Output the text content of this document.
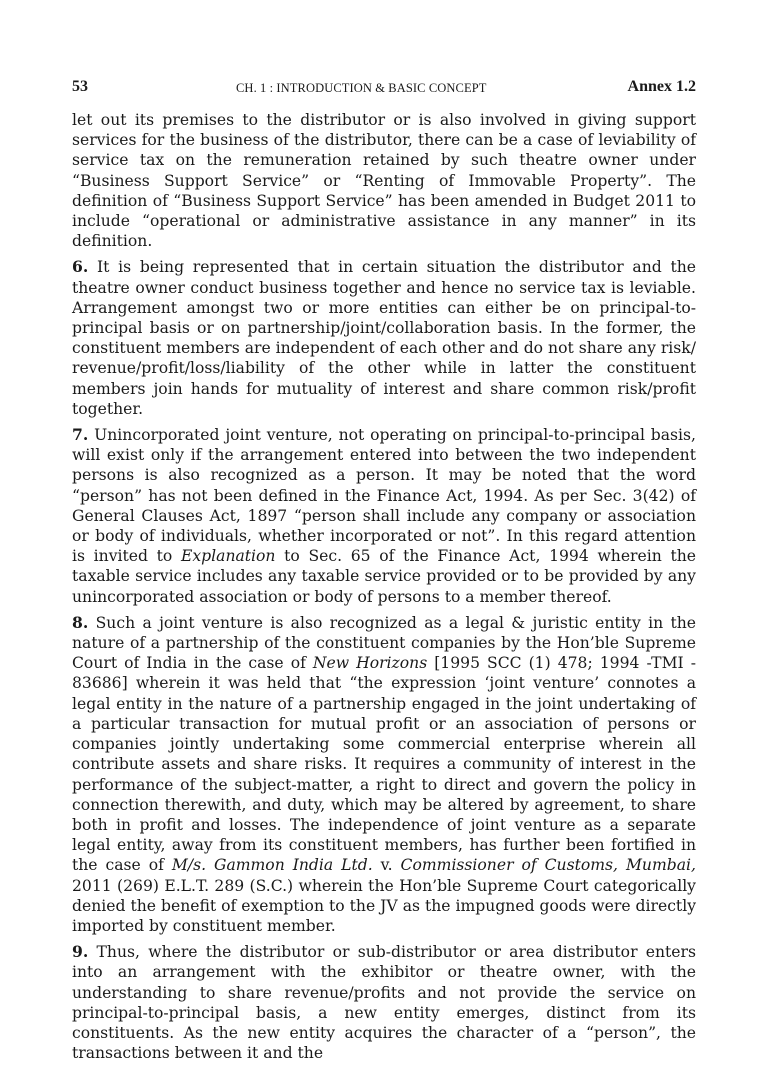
53	CH. 1 : INTRODUCTION & BASIC CONCEPT	Annex 1.2

let out its premises to the distributor or is also involved in giving support services for the business of the distributor, there can be a case of leviability of service tax on the remuneration retained by such theatre owner under “Business Support Service” or “Renting of Immovable Property”. The definition of “Business Support Service” has been amended in Budget 2011 to include “operational or administrative assistance in any manner” in its definition.

6. It is being represented that in certain situation the distributor and the theatre owner conduct business together and hence no service tax is leviable. Arrangement amongst two or more entities can either be on principal-to-principal basis or on partnership/joint/collaboration basis. In the former, the constituent members are independent of each other and do not share any risk/ revenue/profit/loss/liability of the other while in latter the constituent members join hands for mutuality of interest and share common risk/profit together.

7. Unincorporated joint venture, not operating on principal-to-principal basis, will exist only if the arrangement entered into between the two independent persons is also recognized as a person. It may be noted that the word “person” has not been defined in the Finance Act, 1994. As per Sec. 3(42) of General Clauses Act, 1897 “person shall include any company or association or body of individuals, whether incorporated or not”. In this regard attention is invited to Explanation to Sec. 65 of the Finance Act, 1994 wherein the taxable service includes any taxable service provided or to be provided by any unincorporated association or body of persons to a member thereof.

8. Such a joint venture is also recognized as a legal & juristic entity in the nature of a partnership of the constituent companies by the Hon’ble Supreme Court of India in the case of New Horizons [1995 SCC (1) 478; 1994 -TMI - 83686] wherein it was held that “the expression ‘joint venture’ connotes a legal entity in the nature of a partnership engaged in the joint undertaking of a particular transaction for mutual profit or an association of persons or companies jointly undertaking some commercial enterprise wherein all contribute assets and share risks. It requires a community of interest in the performance of the subject-matter, a right to direct and govern the policy in connection therewith, and duty, which may be altered by agreement, to share both in profit and losses. The independence of joint venture as a separate legal entity, away from its constituent members, has further been fortified in the case of M/s. Gammon India Ltd. v. Commissioner of Customs, Mumbai, 2011 (269) E.L.T. 289 (S.C.) wherein the Hon’ble Supreme Court categorically denied the benefit of exemption to the JV as the impugned goods were directly imported by constituent member.

9. Thus, where the distributor or sub-distributor or area distributor enters into an arrangement with the exhibitor or theatre owner, with the understanding to share revenue/profits and not provide the service on principal-to-principal basis, a new entity emerges, distinct from its constituents. As the new entity acquires the character of a “person”, the transactions between it and the
